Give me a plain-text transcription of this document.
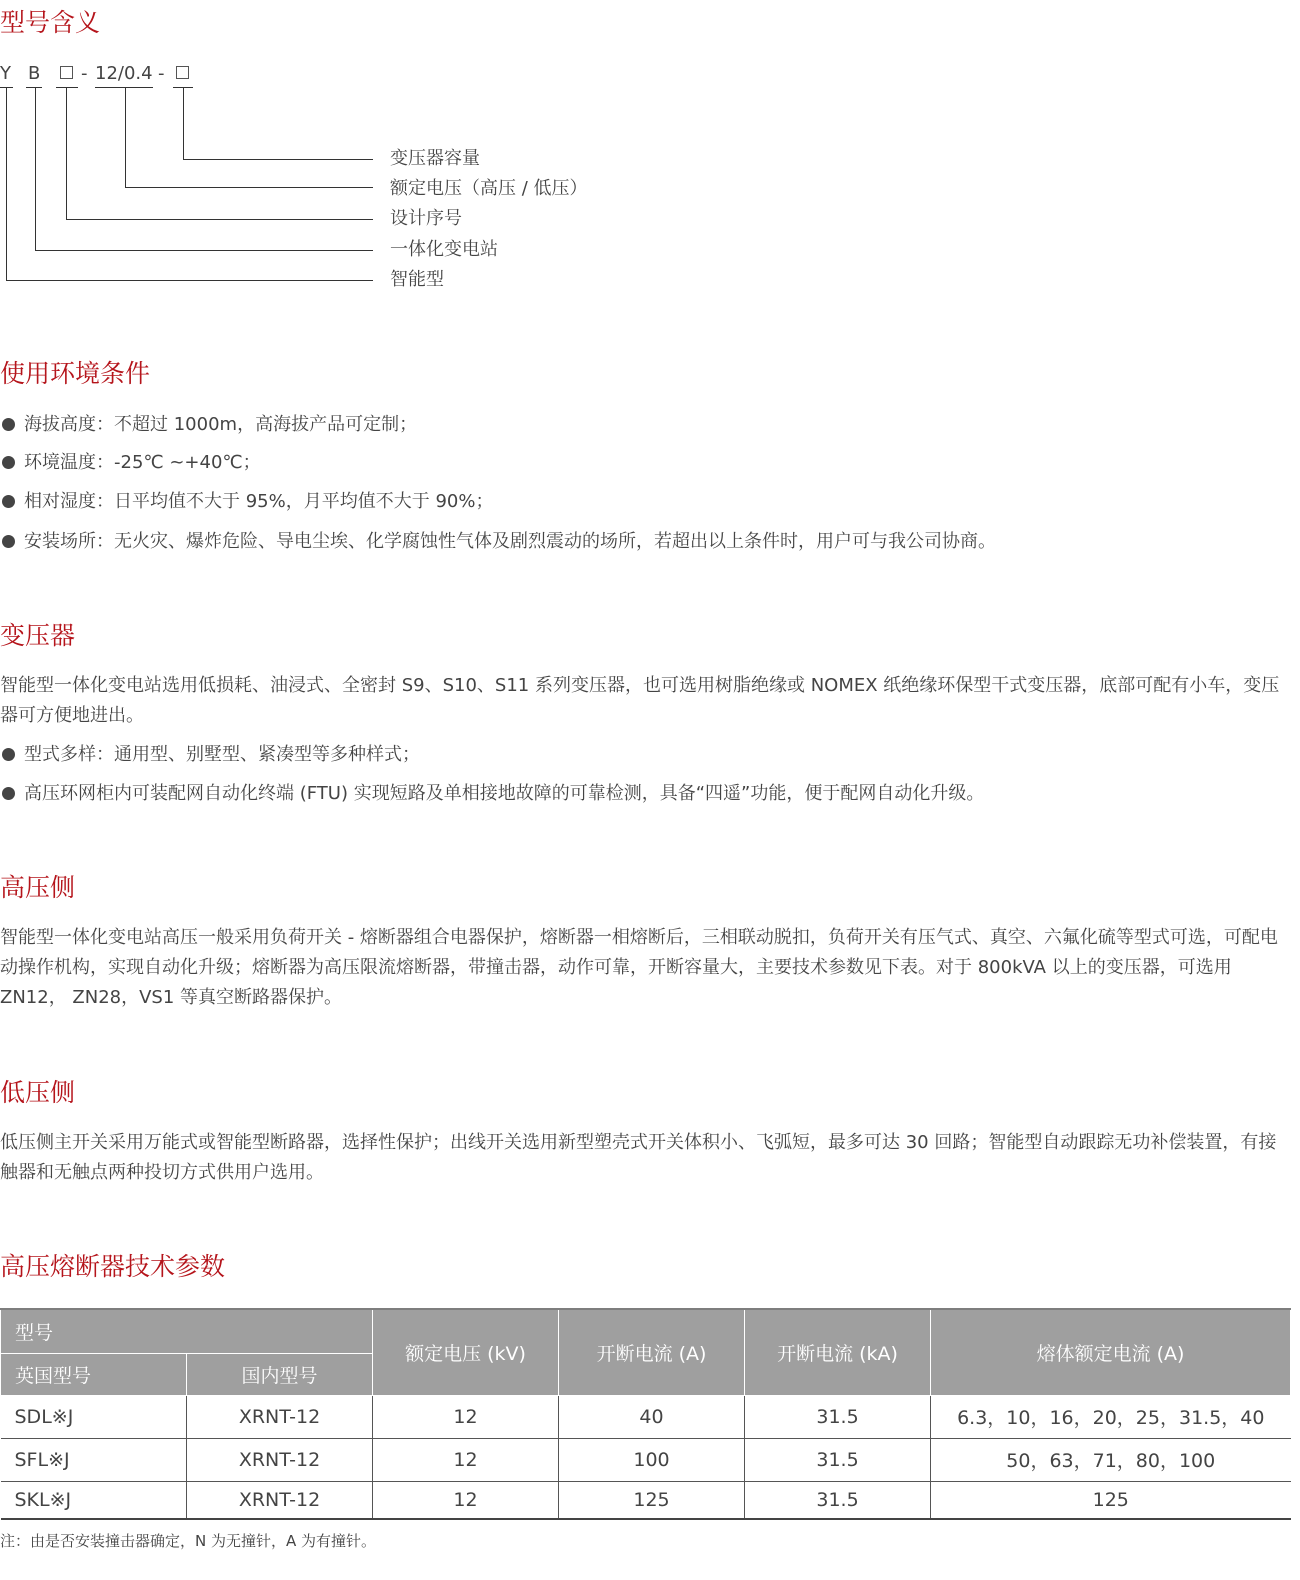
型号含义
Y B - 12/0.4 -
变压器容量
额定电压（高压 / 低压）
设计序号
一体化变电站
智能型
使用环境条件
海拔高度：不超过 1000m，高海拔产品可定制；
环境温度：-25℃ ~+40℃；
相对湿度：日平均值不大于 95%，月平均值不大于 90%；
安装场所：无火灾、爆炸危险、导电尘埃、化学腐蚀性气体及剧烈震动的场所，若超出以上条件时，用户可与我公司协商。
变压器
智能型一体化变电站选用低损耗、油浸式、全密封 S9、S10、S11 系列变压器，也可选用树脂绝缘或 NOMEX 纸绝缘环保型干式变压器，底部可配有小车，变压器可方便地进出。
型式多样：通用型、别墅型、紧凑型等多种样式；
高压环网柜内可装配网自动化终端 (FTU) 实现短路及单相接地故障的可靠检测，具备“四遥”功能，便于配网自动化升级。
高压侧
智能型一体化变电站高压一般采用负荷开关 - 熔断器组合电器保护，熔断器一相熔断后，三相联动脱扣，负荷开关有压气式、真空、六氟化硫等型式可选，可配电动操作机构，实现自动化升级；熔断器为高压限流熔断器，带撞击器，动作可靠，开断容量大，主要技术参数见下表。对于 800kVA 以上的变压器，可选用 ZN12， ZN28，VS1 等真空断路器保护。
低压侧
低压侧主开关采用万能式或智能型断路器，选择性保护；出线开关选用新型塑壳式开关体积小、飞弧短，最多可达 30 回路；智能型自动跟踪无功补偿装置，有接触器和无触点两种投切方式供用户选用。
高压熔断器技术参数
型号		额定电压 (kV)	开断电流 (A)	开断电流 (kA)	熔体额定电流 (A)
英国型号	国内型号				
SDL※J	XRNT-12	12	40	31.5	6.3，10，16，20，25，31.5，40
SFL※J	XRNT-12	12	100	31.5	50，63，71，80，100
SKL※J	XRNT-12	12	125	31.5	125
注：由是否安装撞击器确定，N 为无撞针，A 为有撞针。
